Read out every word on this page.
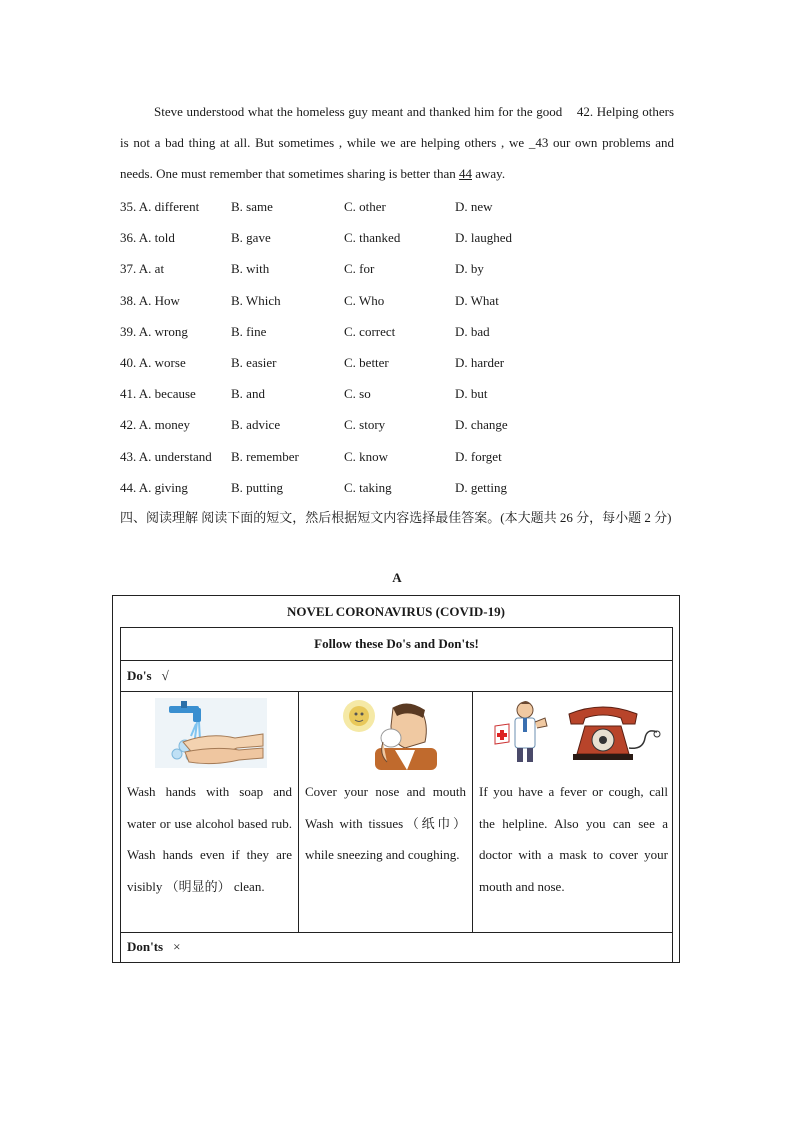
Steve understood what the homeless guy meant and thanked him for the good 42. Helping others is not a bad thing at all. But sometimes , while we are helping others , we _43 our own problems and needs. One must remember that sometimes sharing is better than 44 away.
35. A. different B. same	C. other	D. new
36. A. told	B. gave	C. thanked	D. laughed
37. A. at	B. with	C. for	D. by
38. A. How	B. Which	C. Who	D. What
39. A. wrong	B. fine	C. correct	D. bad
40. A. worse	B. easier	C. better	D. harder
41. A. because	B. and	C. so	D. but
42. A. money	B. advice	C. story	D. change
43. A. understand B. remember	C. know	D. forget
44. A. giving	B. putting	C. taking	D. getting
四、阅读理解 阅读下面的短文，然后根据短文内容选择最佳答案。(本大题共 26 分，每小题 2 分)
A
NOVEL CORONAVIRUS (COVID-19)
Follow these Do's and Don'ts!
Do's √
Wash hands with soap and water or use alcohol based rub. Wash hands even if they are visibly （明显的） clean.
Cover your nose and mouth Wash with tissues（纸巾） while sneezing and coughing.
If you have a fever or cough, call the helpline. Also you can see a doctor with a mask to cover your mouth and nose.
Don'ts ×
